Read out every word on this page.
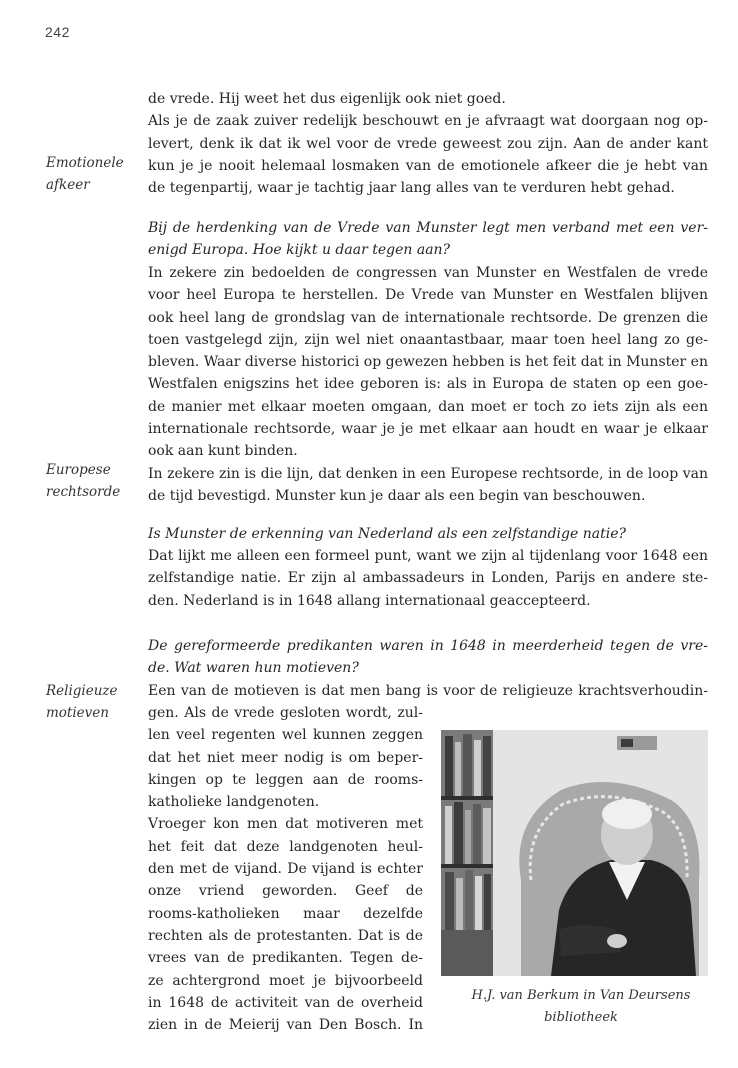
242
Emotionele
afkeer
Europese
rechtsorde
Religieuze
motieven
de vrede. Hij weet het dus eigenlijk ook niet goed.
Als je de zaak zuiver redelijk beschouwt en je afvraagt wat doorgaan nog op-
levert, denk ik dat ik wel voor de vrede geweest zou zijn. Aan de ander kant
kun je je nooit helemaal losmaken van de emotionele afkeer die je hebt van
de tegenpartij, waar je tachtig jaar lang alles van te verduren hebt gehad.
Bij de herdenking van de Vrede van Munster legt men verband met een ver-
enigd Europa. Hoe kijkt u daar tegen aan?
In zekere zin bedoelden de congressen van Munster en Westfalen de vrede
voor heel Europa te herstellen. De Vrede van Munster en Westfalen blijven
ook heel lang de grondslag van de internationale rechtsorde. De grenzen die
toen vastgelegd zijn, zijn wel niet onaantastbaar, maar toen heel lang zo ge-
bleven. Waar diverse historici op gewezen hebben is het feit dat in Munster en
Westfalen enigszins het idee geboren is: als in Europa de staten op een goe-
de manier met elkaar moeten omgaan, dan moet er toch zo iets zijn als een
internationale rechtsorde, waar je je met elkaar aan houdt en waar je elkaar
ook aan kunt binden.
In zekere zin is die lijn, dat denken in een Europese rechtsorde, in de loop van
de tijd bevestigd. Munster kun je daar als een begin van beschouwen.
Is Munster de erkenning van Nederland als een zelfstandige natie?
Dat lijkt me alleen een formeel punt, want we zijn al tijdenlang voor 1648 een
zelfstandige natie. Er zijn al ambassadeurs in Londen, Parijs en andere ste-
den. Nederland is in 1648 allang internationaal geaccepteerd.
De gereformeerde predikanten waren in 1648 in meerderheid tegen de vre-
de. Wat waren hun motieven?
Een van de motieven is dat men bang is voor de religieuze krachtsverhoudin-
gen. Als de vrede gesloten wordt, zul-
len veel regenten wel kunnen zeggen
dat het niet meer nodig is om beper-
kingen op te leggen aan de rooms-
katholieke landgenoten.
Vroeger kon men dat motiveren met
het feit dat deze landgenoten heul-
den met de vijand. De vijand is echter
onze vriend geworden. Geef de
rooms-katholieken maar dezelfde
rechten als de protestanten. Dat is de
vrees van de predikanten. Tegen de-
ze achtergrond moet je bijvoorbeeld
in 1648 de activiteit van de overheid
zien in de Meierij van Den Bosch. In
H.J. van Berkum in Van Deursens
bibliotheek
